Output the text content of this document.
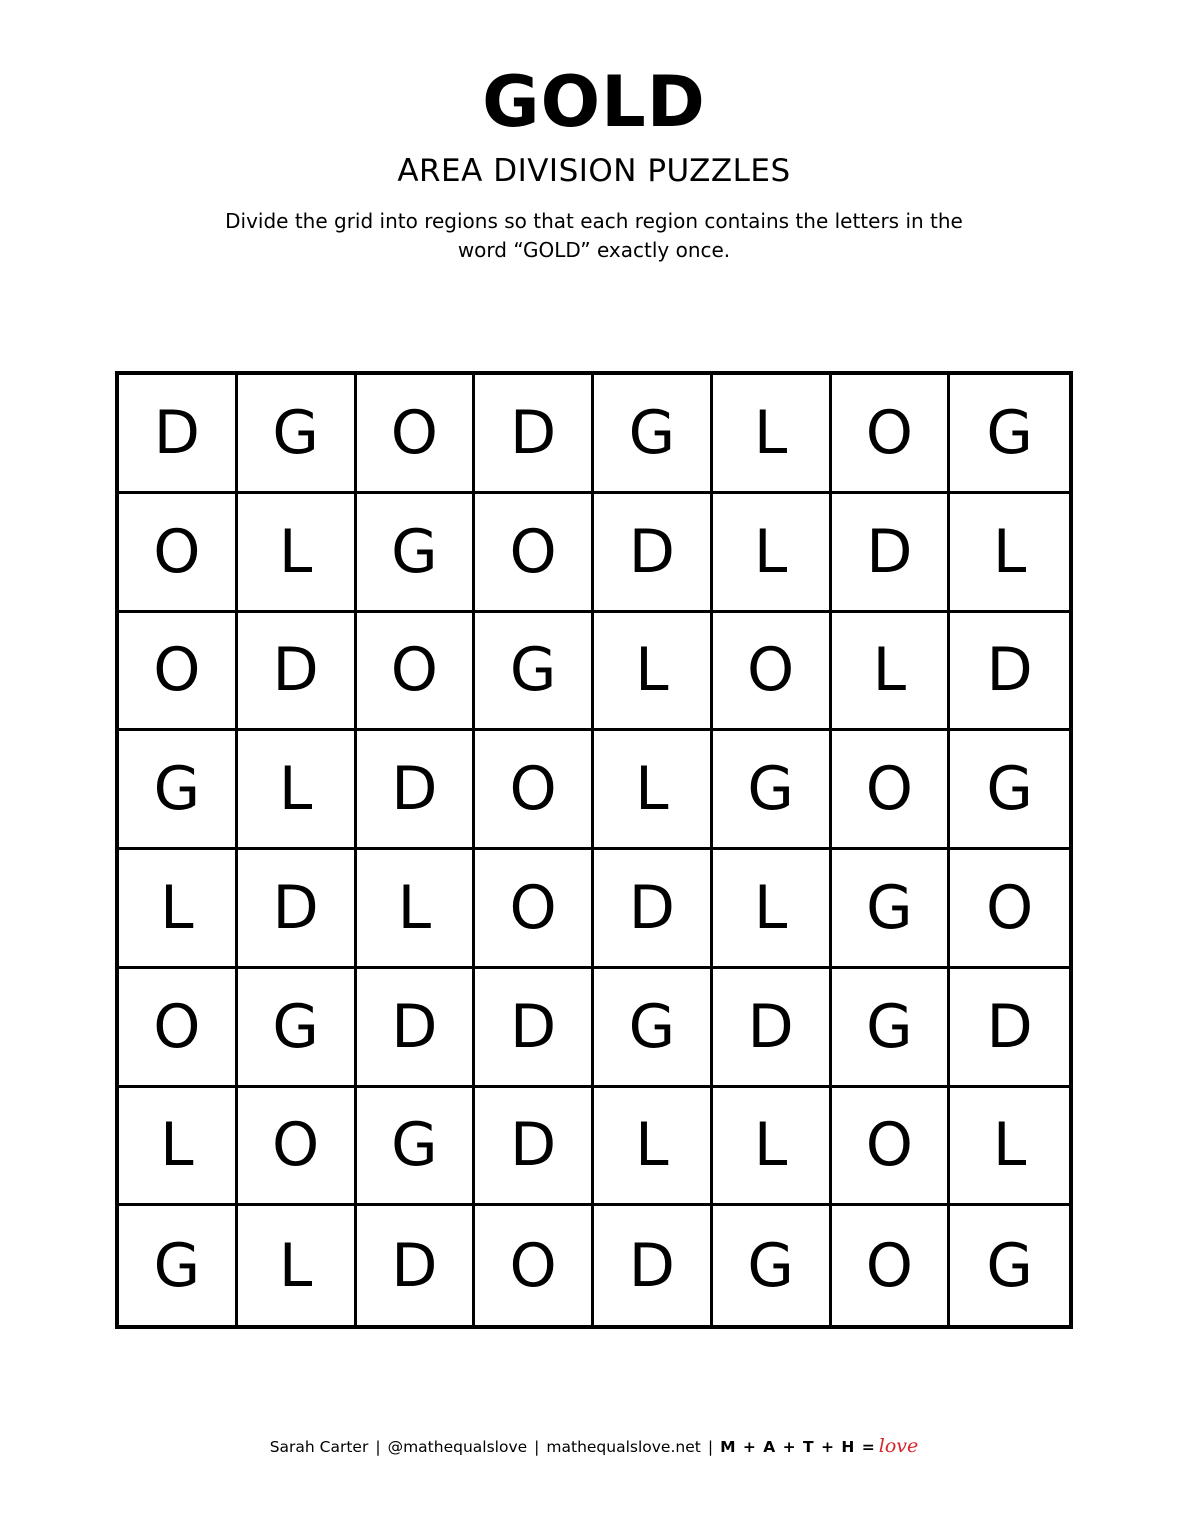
GOLD
AREA DIVISION PUZZLES
Divide the grid into regions so that each region contains the letters in the
word “GOLD” exactly once.
D	G	O	D	G	L	O	G
O	L	G	O	D	L	D	L
O	D	O	G	L	O	L	D
G	L	D	O	L	G	O	G
L	D	L	O	D	L	G	O
O	G	D	D	G	D	G	D
L	O	G	D	L	L	O	L
G	L	D	O	D	G	O	G
Sarah Carter | @mathequalslove | mathequalslove.net | M + A + T + H = love
